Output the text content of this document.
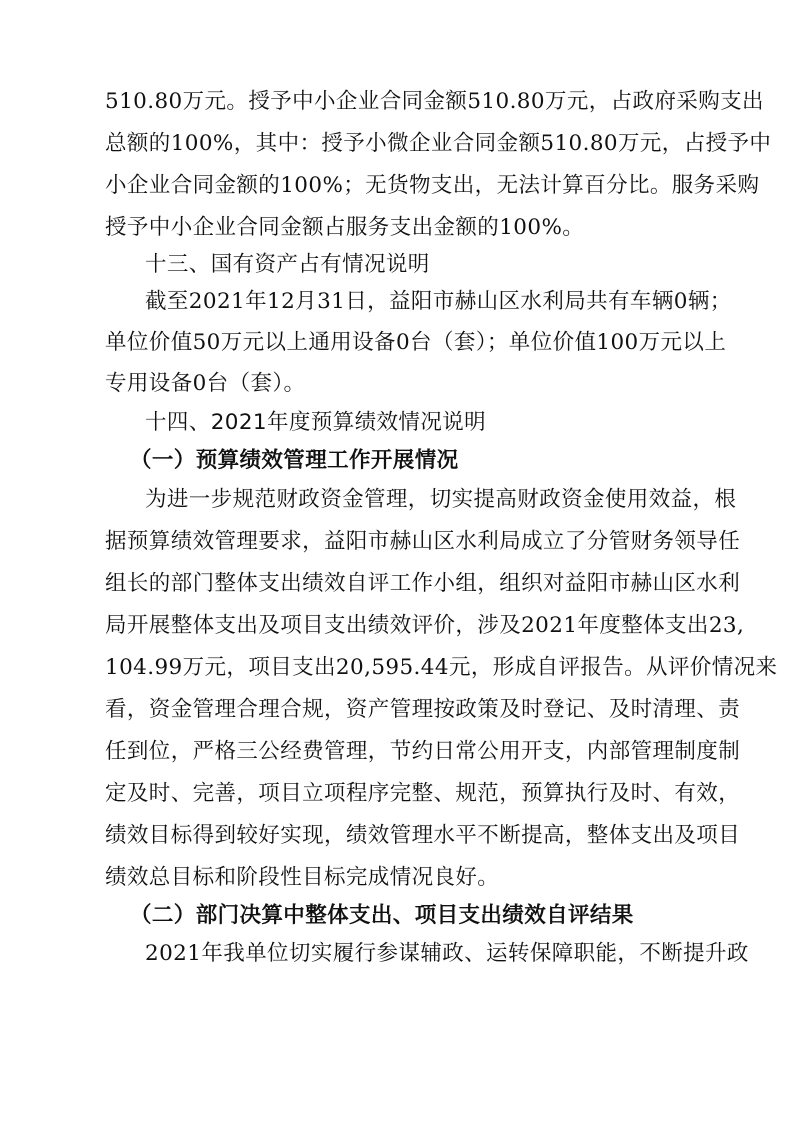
510.80万元。授予中小企业合同金额510.80万元，占政府采购支出
总额的100%，其中：授予小微企业合同金额510.80万元，占授予中
小企业合同金额的100%；无货物支出，无法计算百分比。服务采购
授予中小企业合同金额占服务支出金额的100%。
十三、国有资产占有情况说明
截至2021年12月31日，益阳市赫山区水利局共有车辆0辆；
单位价值50万元以上通用设备0台（套）；单位价值100万元以上
专用设备0台（套）。
十四、2021年度预算绩效情况说明
（一）预算绩效管理工作开展情况
为进一步规范财政资金管理，切实提高财政资金使用效益，根
据预算绩效管理要求，益阳市赫山区水利局成立了分管财务领导任
组长的部门整体支出绩效自评工作小组，组织对益阳市赫山区水利
局开展整体支出及项目支出绩效评价，涉及2021年度整体支出23,
104.99万元，项目支出20,595.44元，形成自评报告。从评价情况来
看，资金管理合理合规，资产管理按政策及时登记、及时清理、责
任到位，严格三公经费管理，节约日常公用开支，内部管理制度制
定及时、完善，项目立项程序完整、规范，预算执行及时、有效，
绩效目标得到较好实现，绩效管理水平不断提高，整体支出及项目
绩效总目标和阶段性目标完成情况良好。
（二）部门决算中整体支出、项目支出绩效自评结果
2021年我单位切实履行参谋辅政、运转保障职能，不断提升政
